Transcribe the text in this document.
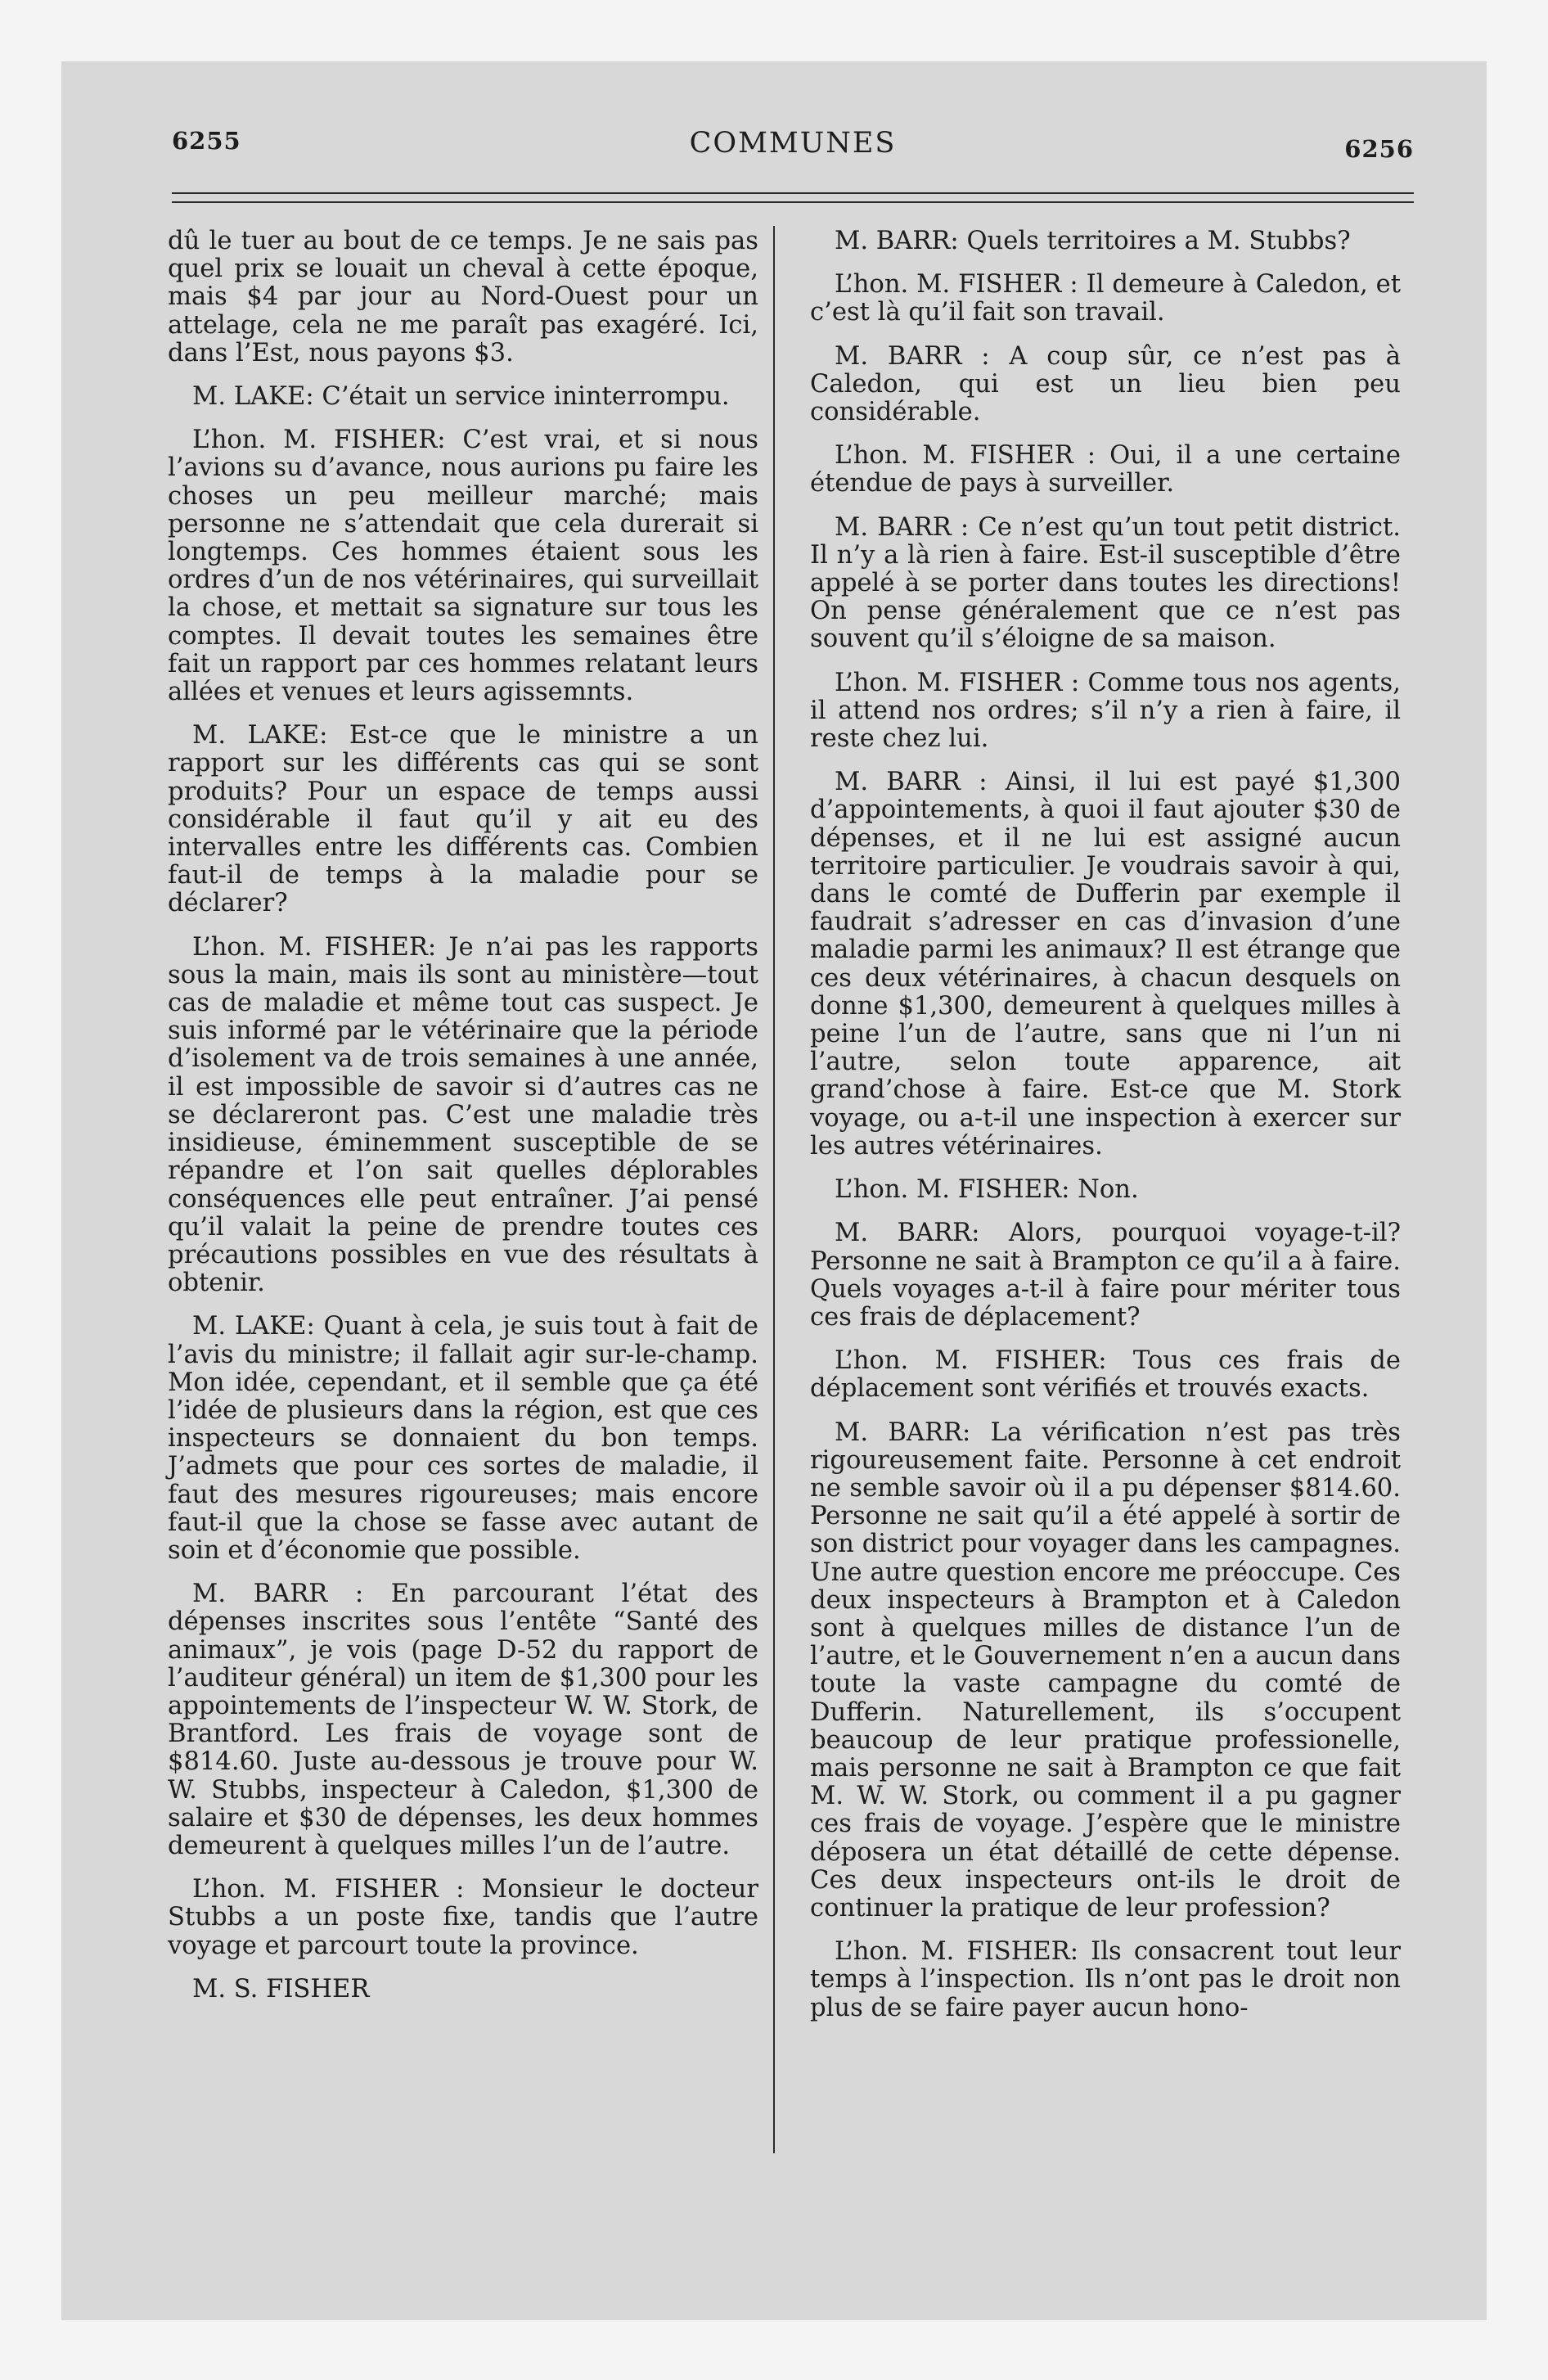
6255	COMMUNES	6256

dû le tuer au bout de ce temps. Je ne sais pas quel prix se louait un cheval à cette époque, mais $4 par jour au Nord-Ouest pour un attelage, cela ne me paraît pas exagéré. Ici, dans l’Est, nous payons $3.

M. LAKE: C’était un service ininterrompu.

L’hon. M. FISHER: C’est vrai, et si nous l’avions su d’avance, nous aurions pu faire les choses un peu meilleur marché; mais personne ne s’attendait que cela durerait si longtemps. Ces hommes étaient sous les ordres d’un de nos vétérinaires, qui surveillait la chose, et mettait sa signature sur tous les comptes. Il devait toutes les semaines être fait un rapport par ces hommes relatant leurs allées et venues et leurs agissemnts.

M. LAKE: Est-ce que le ministre a un rapport sur les différents cas qui se sont produits? Pour un espace de temps aussi considérable il faut qu’il y ait eu des intervalles entre les différents cas. Combien faut-il de temps à la maladie pour se déclarer?

L’hon. M. FISHER: Je n’ai pas les rapports sous la main, mais ils sont au ministère—tout cas de maladie et même tout cas suspect. Je suis informé par le vétérinaire que la période d’isolement va de trois semaines à une année, il est impossible de savoir si d’autres cas ne se déclareront pas. C’est une maladie très insidieuse, éminemment susceptible de se répandre et l’on sait quelles déplorables conséquences elle peut entraîner. J’ai pensé qu’il valait la peine de prendre toutes ces précautions possibles en vue des résultats à obtenir.

M. LAKE: Quant à cela, je suis tout à fait de l’avis du ministre; il fallait agir sur-le-champ. Mon idée, cependant, et il semble que ça été l’idée de plusieurs dans la région, est que ces inspecteurs se donnaient du bon temps. J’admets que pour ces sortes de maladie, il faut des mesures rigoureuses; mais encore faut-il que la chose se fasse avec autant de soin et d’économie que possible.

M. BARR : En parcourant l’état des dépenses inscrites sous l’entête “Santé des animaux”, je vois (page D-52 du rapport de l’auditeur général) un item de $1,300 pour les appointements de l’inspecteur W. W. Stork, de Brantford. Les frais de voyage sont de $814.60. Juste au-dessous je trouve pour W. W. Stubbs, inspecteur à Caledon, $1,300 de salaire et $30 de dépenses, les deux hommes demeurent à quelques milles l’un de l’autre.

L’hon. M. FISHER : Monsieur le docteur Stubbs a un poste fixe, tandis que l’autre voyage et parcourt toute la province.

M. S. FISHER

M. BARR: Quels territoires a M. Stubbs?

L’hon. M. FISHER : Il demeure à Caledon, et c’est là qu’il fait son travail.

M. BARR : A coup sûr, ce n’est pas à Caledon, qui est un lieu bien peu considérable.

L’hon. M. FISHER : Oui, il a une certaine étendue de pays à surveiller.

M. BARR : Ce n’est qu’un tout petit district. Il n’y a là rien à faire. Est-il susceptible d’être appelé à se porter dans toutes les directions! On pense généralement que ce n’est pas souvent qu’il s’éloigne de sa maison.

L’hon. M. FISHER : Comme tous nos agents, il attend nos ordres; s’il n’y a rien à faire, il reste chez lui.

M. BARR : Ainsi, il lui est payé $1,300 d’appointements, à quoi il faut ajouter $30 de dépenses, et il ne lui est assigné aucun territoire particulier. Je voudrais savoir à qui, dans le comté de Dufferin par exemple il faudrait s’adresser en cas d’invasion d’une maladie parmi les animaux? Il est étrange que ces deux vétérinaires, à chacun desquels on donne $1,300, demeurent à quelques milles à peine l’un de l’autre, sans que ni l’un ni l’autre, selon toute apparence, ait grand’chose à faire. Est-ce que M. Stork voyage, ou a-t-il une inspection à exercer sur les autres vétérinaires.

L’hon. M. FISHER: Non.

M. BARR: Alors, pourquoi voyage-t-il? Personne ne sait à Brampton ce qu’il a à faire. Quels voyages a-t-il à faire pour mériter tous ces frais de déplacement?

L’hon. M. FISHER: Tous ces frais de déplacement sont vérifiés et trouvés exacts.

M. BARR: La vérification n’est pas très rigoureusement faite. Personne à cet endroit ne semble savoir où il a pu dépenser $814.60. Personne ne sait qu’il a été appelé à sortir de son district pour voyager dans les campagnes. Une autre question encore me préoccupe. Ces deux inspecteurs à Brampton et à Caledon sont à quelques milles de distance l’un de l’autre, et le Gouvernement n’en a aucun dans toute la vaste campagne du comté de Dufferin. Naturellement, ils s’occupent beaucoup de leur pratique professionelle, mais personne ne sait à Brampton ce que fait M. W. W. Stork, ou comment il a pu gagner ces frais de voyage. J’espère que le ministre déposera un état détaillé de cette dépense. Ces deux inspecteurs ont-ils le droit de continuer la pratique de leur profession?

L’hon. M. FISHER: Ils consacrent tout leur temps à l’inspection. Ils n’ont pas le droit non plus de se faire payer aucun hono-
